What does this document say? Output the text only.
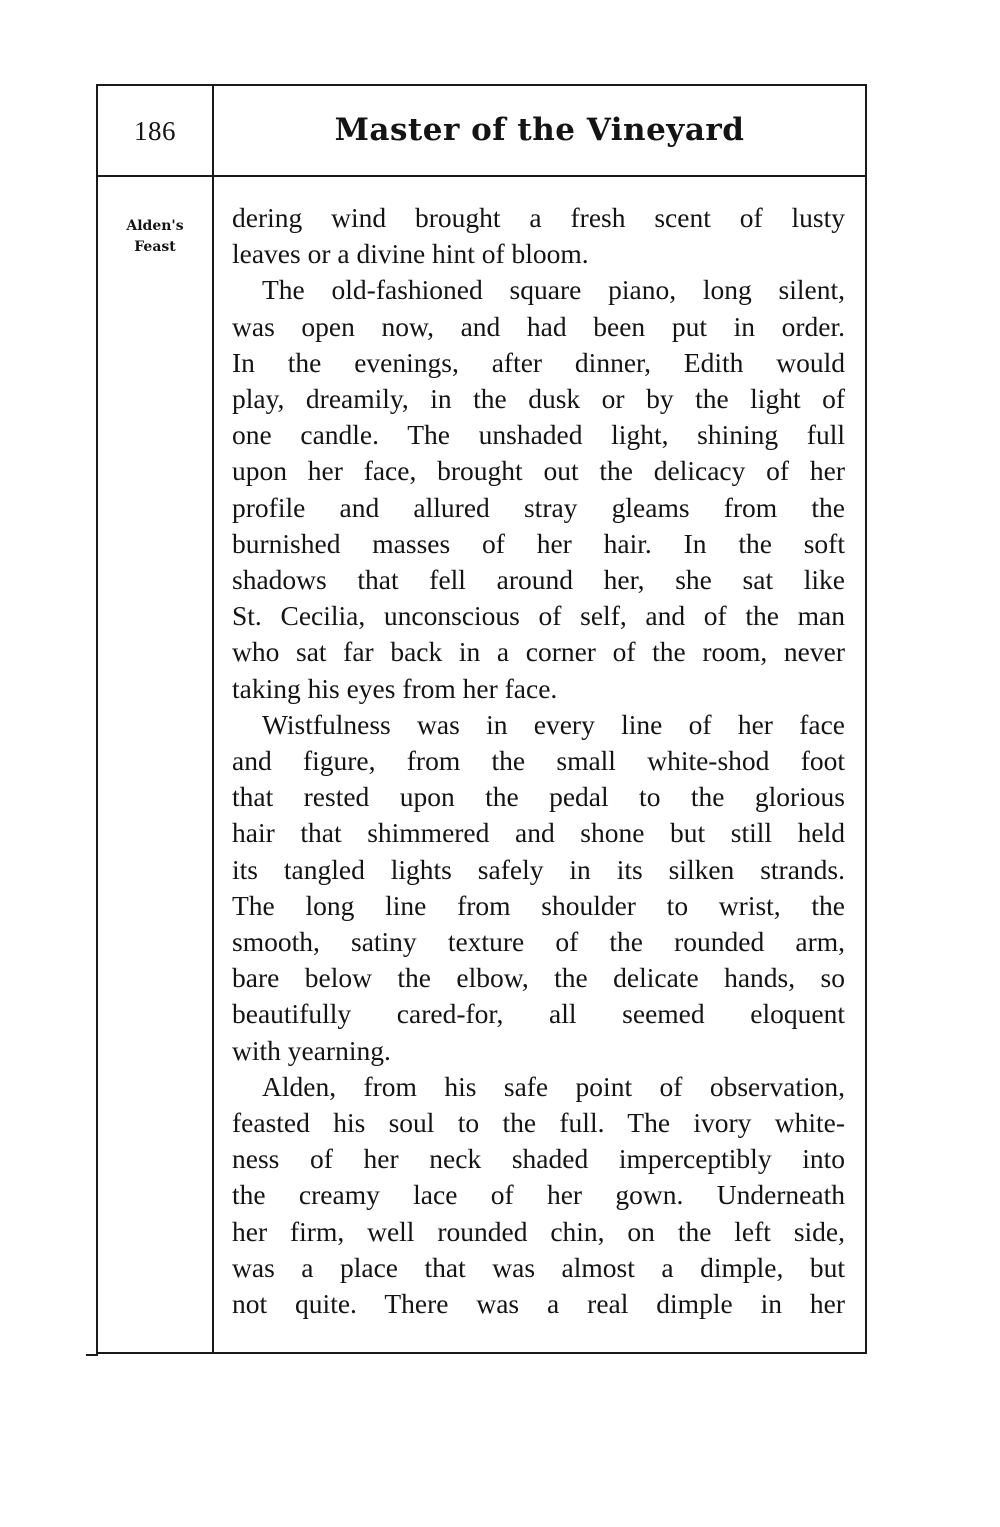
186	Master of the Vineyard
Alden's
Feast

dering wind brought a fresh scent of lusty

leaves or a divine hint of bloom.

The old-fashioned square piano, long silent,

was open now, and had been put in order.

In the evenings, after dinner, Edith would

play, dreamily, in the dusk or by the light of

one candle. The unshaded light, shining full

upon her face, brought out the delicacy of her

profile and allured stray gleams from the

burnished masses of her hair. In the soft

shadows that fell around her, she sat like

St. Cecilia, unconscious of self, and of the man

who sat far back in a corner of the room, never

taking his eyes from her face.

Wistfulness was in every line of her face

and figure, from the small white-shod foot

that rested upon the pedal to the glorious

hair that shimmered and shone but still held

its tangled lights safely in its silken strands.

The long line from shoulder to wrist, the

smooth, satiny texture of the rounded arm,

bare below the elbow, the delicate hands, so

beautifully cared-for, all seemed eloquent

with yearning.

Alden, from his safe point of observation,

feasted his soul to the full. The ivory white-

ness of her neck shaded imperceptibly into

the creamy lace of her gown. Underneath

her firm, well rounded chin, on the left side,

was a place that was almost a dimple, but

not quite. There was a real dimple in her
